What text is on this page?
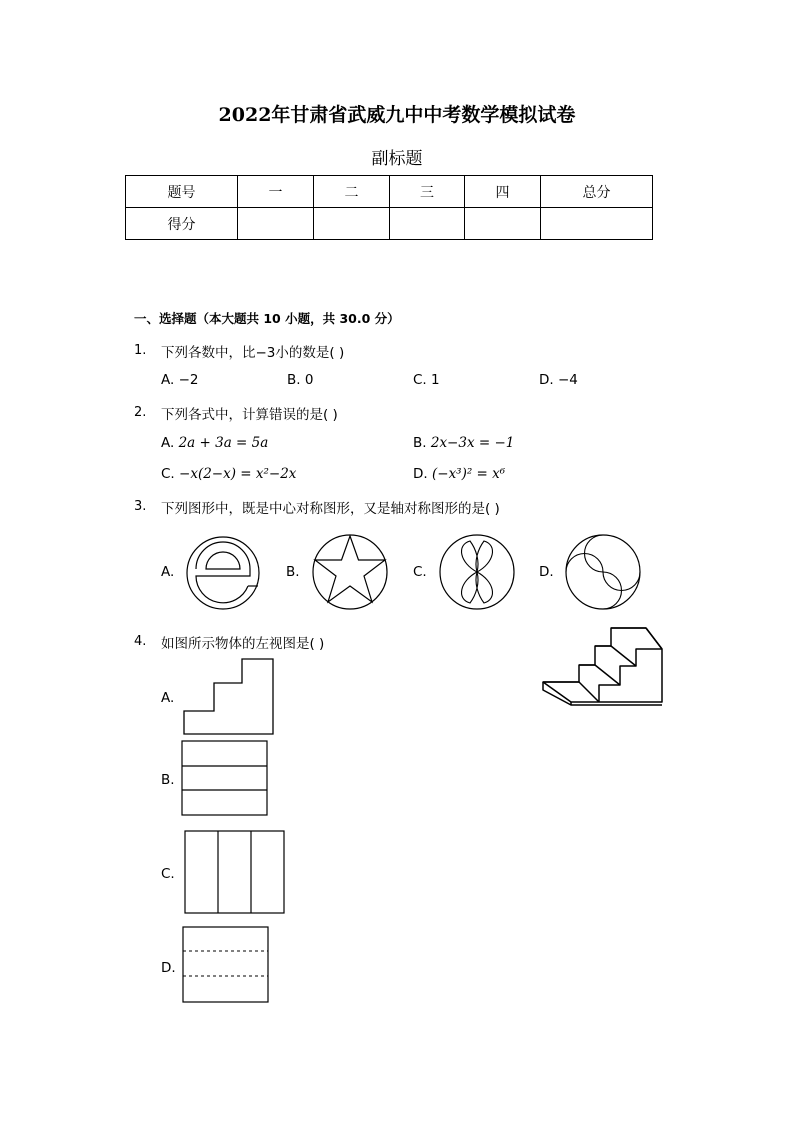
2022年甘肃省武威九中中考数学模拟试卷
副标题
题号	一	二	三	四	总分
得分					
一、选择题（本大题共 10 小题，共 30.0 分）
1. 下列各数中，比−3小的数是( )
A. −2	B. 0	C. 1	D. −4
2. 下列各式中，计算错误的是( )
A. 2a + 3a = 5a	B. 2x−3x = −1
C. −x(2−x) = x²−2x	D. (−x³)² = x⁶
3. 下列图形中，既是中心对称图形，又是轴对称图形的是( )
A.	B.	C.	D.
4. 如图所示物体的左视图是( )
A.
B.
C.
D.
